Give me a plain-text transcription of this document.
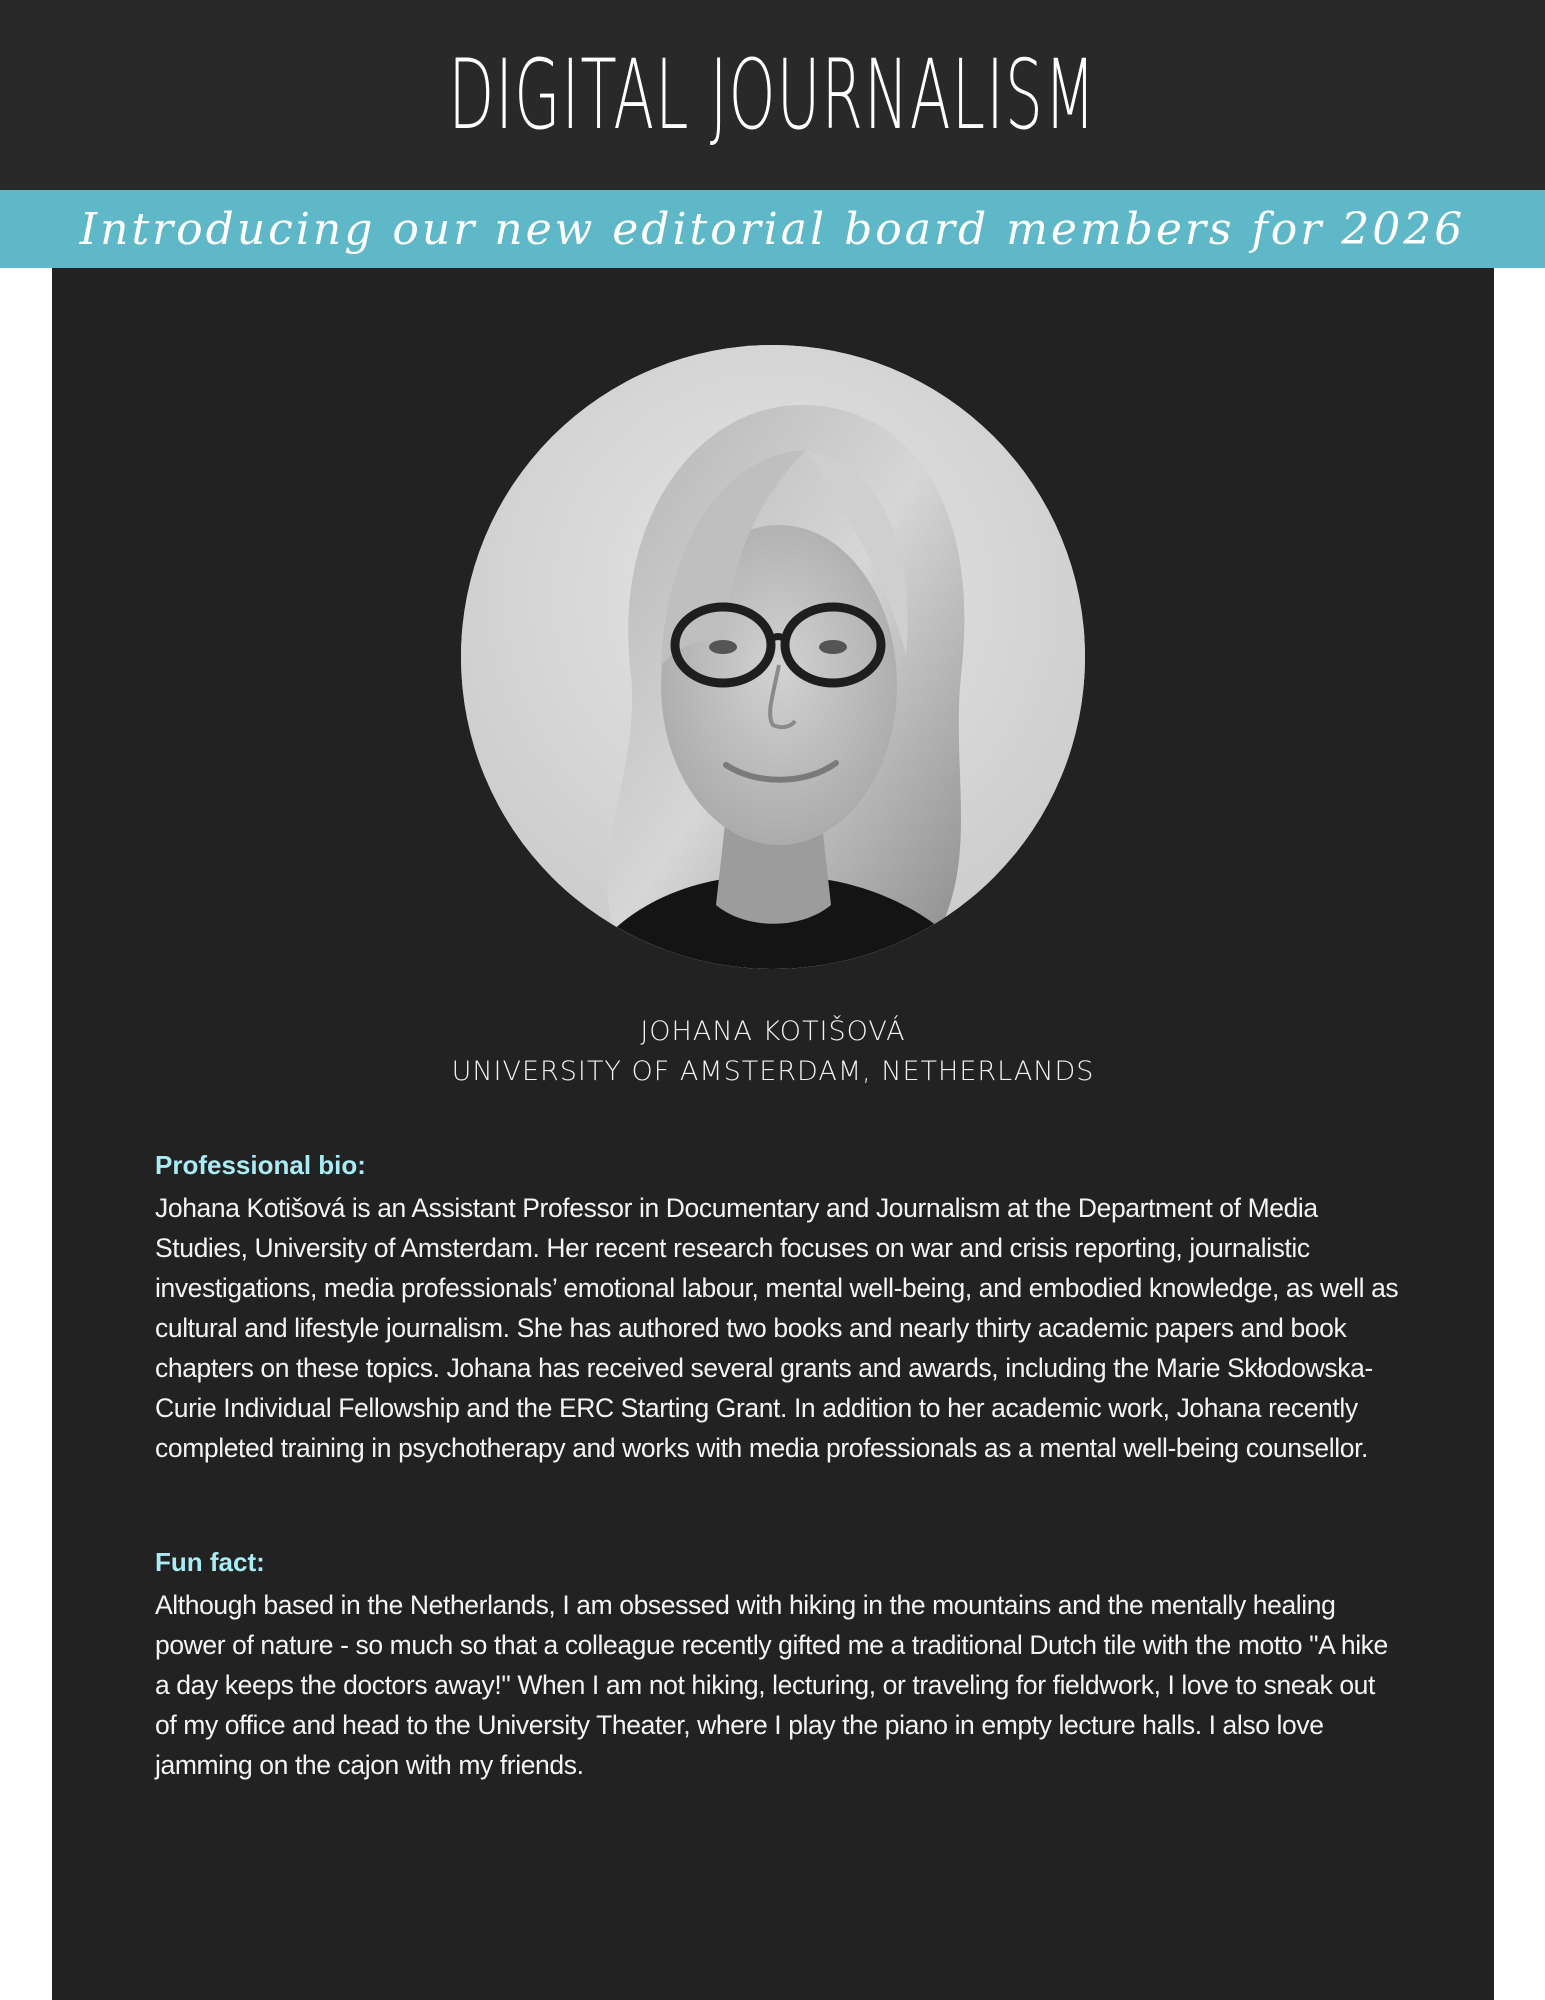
DIGITAL JOURNALISM
Introducing our new editorial board members for 2026
JOHANA KOTIŠOVÁ
UNIVERSITY OF AMSTERDAM, NETHERLANDS
Professional bio:
Johana Kotišová is an Assistant Professor in Documentary and Journalism at the Department of Media Studies, University of Amsterdam. Her recent research focuses on war and crisis reporting, journalistic investigations, media professionals’ emotional labour, mental well-being, and embodied knowledge, as well as cultural and lifestyle journalism. She has authored two books and nearly thirty academic papers and book chapters on these topics. Johana has received several grants and awards, including the Marie Skłodowska-Curie Individual Fellowship and the ERC Starting Grant. In addition to her academic work, Johana recently completed training in psychotherapy and works with media professionals as a mental well-being counsellor.
Fun fact:
Although based in the Netherlands, I am obsessed with hiking in the mountains and the mentally healing power of nature - so much so that a colleague recently gifted me a traditional Dutch tile with the motto "A hike a day keeps the doctors away!" When I am not hiking, lecturing, or traveling for fieldwork, I love to sneak out of my office and head to the University Theater, where I play the piano in empty lecture halls. I also love jamming on the cajon with my friends.
